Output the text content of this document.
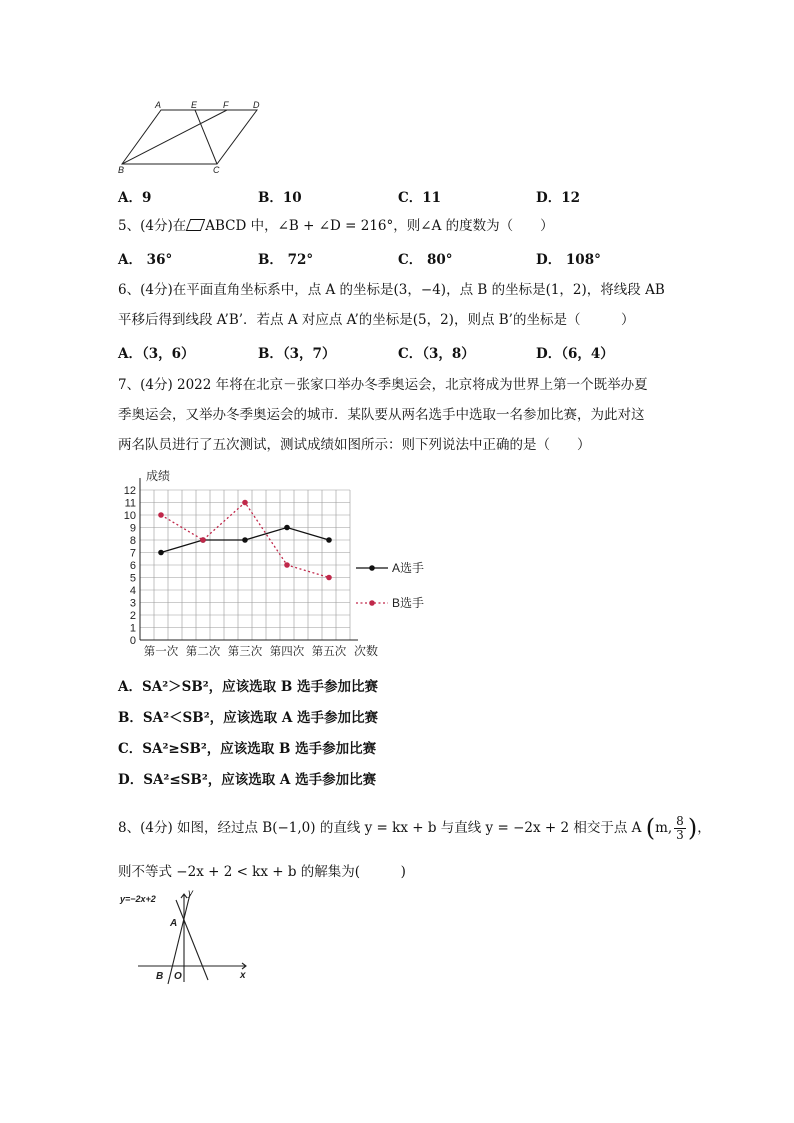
A	E	F	D
B	C
A．9	B．10	C．11	D．12
5、(4分)在 ABCD 中，∠B + ∠D = 216°，则∠A 的度数为（　　）
A． 36°	B． 72°	C． 80°	D． 108°
6、(4分)在平面直角坐标系中，点 A 的坐标是(3，−4)，点 B 的坐标是(1，2)，将线段 AB
平移后得到线段 A’B’．若点 A 对应点 A’的坐标是(5，2)，则点 B’的坐标是（　　　）
A．（3，6）	B．（3，7）	C．（3，8）	D．（6，4）
7、(4分) 2022 年将在北京－张家口举办冬季奥运会，北京将成为世界上第一个既举办夏
季奥运会，又举办冬季奥运会的城市．某队要从两名选手中选取一名参加比赛，为此对这
两名队员进行了五次测试，测试成绩如图所示：则下列说法中正确的是（　　）
0
1
2
3
4
5
6
7
8
9
10
11
12
成绩
第一次 第二次 第三次 第四次 第五次 次数
A选手
B选手
A．SA²＞SB²，应该选取 B 选手参加比赛
B．SA²＜SB²，应该选取 A 选手参加比赛
C．SA²≥SB²，应该选取 B 选手参加比赛
D．SA²≤SB²，应该选取 A 选手参加比赛
8、(4分) 如图，经过点 B(−1,0) 的直线 y = kx + b 与直线 y = −2x + 2 相交于点 A (m, $\frac{8}{3}$ )，
则不等式 −2x + 2 < kx + b 的解集为(　　　)
y=−2x+2	y
A
B O	x
